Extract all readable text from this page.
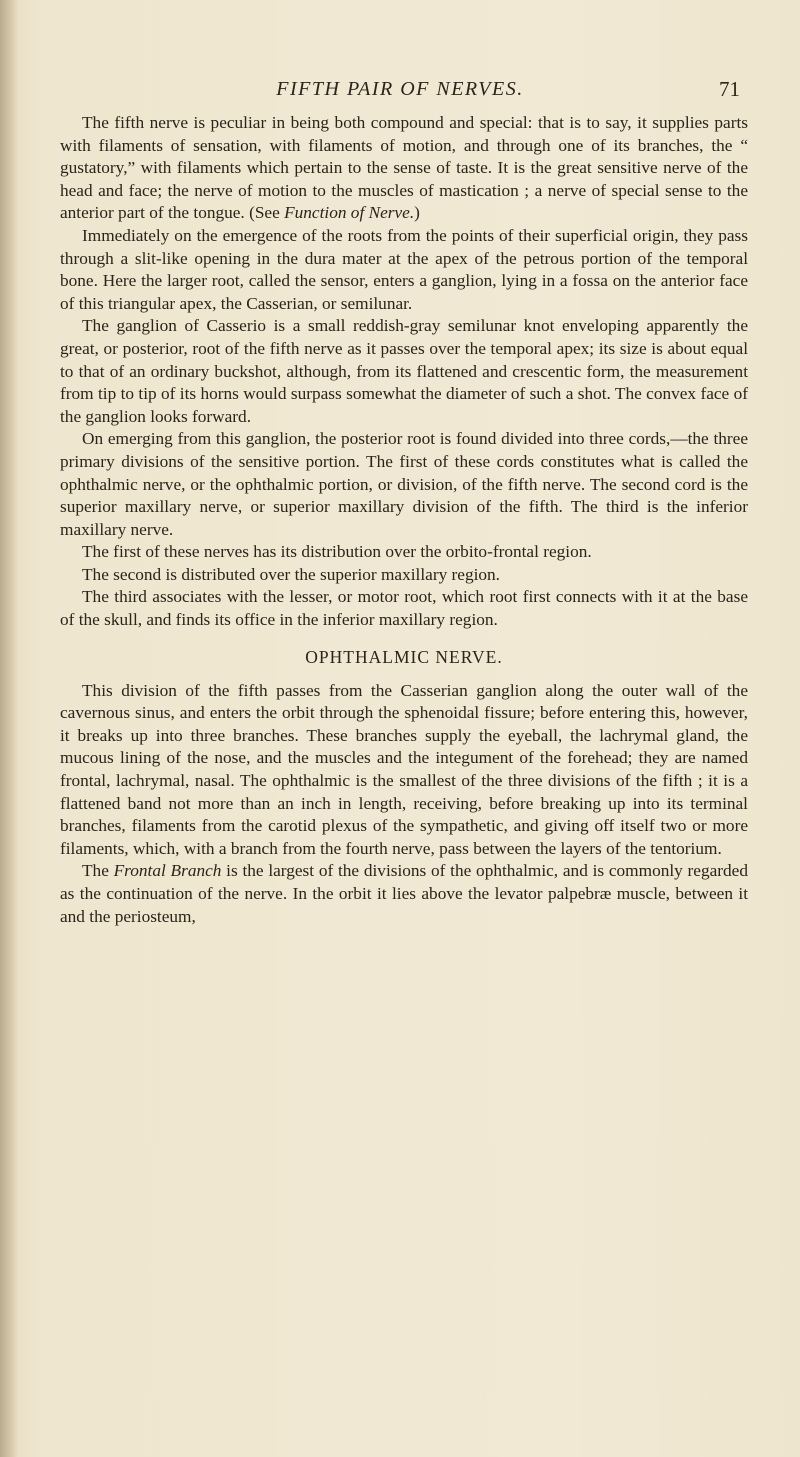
FIFTH PAIR OF NERVES.	71

The fifth nerve is peculiar in being both compound and special: that is to say, it supplies parts with filaments of sensation, with filaments of motion, and through one of its branches, the “ gustatory,” with filaments which pertain to the sense of taste. It is the great sensitive nerve of the head and face; the nerve of motion to the muscles of mastication ; a nerve of special sense to the anterior part of the tongue. (See Function of Nerve.)

Immediately on the emergence of the roots from the points of their superficial origin, they pass through a slit-like opening in the dura mater at the apex of the petrous portion of the temporal bone. Here the larger root, called the sensor, enters a ganglion, lying in a fossa on the anterior face of this triangular apex, the Casserian, or semilunar.

The ganglion of Casserio is a small reddish-gray semilunar knot enveloping apparently the great, or posterior, root of the fifth nerve as it passes over the temporal apex; its size is about equal to that of an ordinary buckshot, although, from its flattened and crescentic form, the measurement from tip to tip of its horns would surpass somewhat the diameter of such a shot. The convex face of the ganglion looks forward.

On emerging from this ganglion, the posterior root is found divided into three cords,—the three primary divisions of the sensitive portion. The first of these cords constitutes what is called the ophthalmic nerve, or the ophthalmic portion, or division, of the fifth nerve. The second cord is the superior maxillary nerve, or superior maxillary division of the fifth. The third is the inferior maxillary nerve.

The first of these nerves has its distribution over the orbito-frontal region.

The second is distributed over the superior maxillary region.

The third associates with the lesser, or motor root, which root first connects with it at the base of the skull, and finds its office in the inferior maxillary region.

OPHTHALMIC NERVE.

This division of the fifth passes from the Casserian ganglion along the outer wall of the cavernous sinus, and enters the orbit through the sphenoidal fissure; before entering this, however, it breaks up into three branches. These branches supply the eyeball, the lachrymal gland, the mucous lining of the nose, and the muscles and the integument of the forehead; they are named frontal, lachrymal, nasal. The ophthalmic is the smallest of the three divisions of the fifth ; it is a flattened band not more than an inch in length, receiving, before breaking up into its terminal branches, filaments from the carotid plexus of the sympathetic, and giving off itself two or more filaments, which, with a branch from the fourth nerve, pass between the layers of the tentorium.

The Frontal Branch is the largest of the divisions of the ophthalmic, and is commonly regarded as the continuation of the nerve. In the orbit it lies above the levator palpebræ muscle, between it and the periosteum,
